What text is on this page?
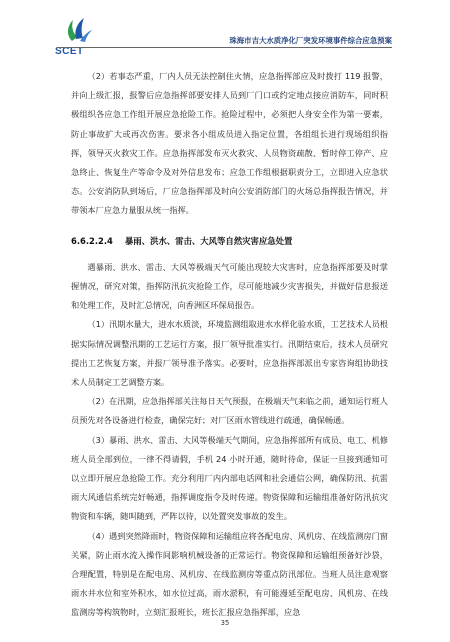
SCET
珠海市吉大水质净化厂突发环境事件综合应急预案

（2）若事态严重，厂内人员无法控制住火情，应急指挥部应及时拨打 119 报警，并向上级汇报，报警后应急指挥部要安排人员到厂门口或约定地点接应消防车，同时积极组织各应急工作组开展应急抢险工作。抢险过程中，必须把人身安全作为第一要素，防止事故扩大或再次伤害。要求各小组成员进入指定位置，各组组长进行现场组织指挥，领导灭火救灾工作。应急指挥部发布灭火救灾、人员物资疏散、暂时停工停产、应急终止、恢复生产等命令及对外信息发布；应急工作组根据职责分工，立即进入应急状态。公安消防队到场后，厂应急指挥部及时向公安消防部门的火场总指挥报告情况，并带领本厂应急力量服从统一指挥。

6.6.2.2.4 暴雨、洪水、雷击、大风等自然灾害应急处置

遇暴雨、洪水、雷击、大风等极端天气可能出现较大灾害时，应急指挥部要及时掌握情况，研究对策，指挥防汛抗灾抢险工作，尽可能地减少灾害损失，并做好信息报送和处理工作，及时汇总情况，向香洲区环保局报告。

（1）汛期水量大，进水水质淡，环境监测组取进水水样化验水质，工艺技术人员根据实际情况调整汛期的工艺运行方案，报厂领导批准实行。汛期结束后，技术人员研究提出工艺恢复方案，并报厂领导准予落实。必要时，应急指挥部派出专家咨询组协助技术人员制定工艺调整方案。

（2）在汛期，应急指挥部关注每日天气预报，在极端天气来临之前，通知运行班人员预先对各设备进行检查，确保完好；对厂区雨水管线进行疏通，确保畅通。

（3）暴雨、洪水、雷击、大风等极端天气期间，应急指挥部所有成员、电工、机修班人员全部到位，一律不得请假，手机 24 小时开通，随时待命，保证一旦接到通知可以立即开展应急抢险工作。充分利用厂内内部电话网和社会通信公网，确保防汛、抗雷雨大风通信系统完好畅通，指挥调度指令及时传递。物资保障和运输组准备好防汛抗灾物资和车辆，随叫随到，严阵以待，以处置突发事故的发生。

（4）遇到突然降雨时，物资保障和运输组应将各配电房、风机房、在线监测房门窗关紧，防止雨水流入操作间影响机械设备的正常运行。物资保障和运输组预备好沙袋，合理配置，特别是在配电房、风机房、在线监测房等重点防汛部位。当班人员注意观察雨水井水位和室外积水，如水位过高，雨水淤积，有可能漫延至配电房、风机房、在线监测房等构筑物时，立刻汇报班长，班长汇报应急指挥部，应急

35
